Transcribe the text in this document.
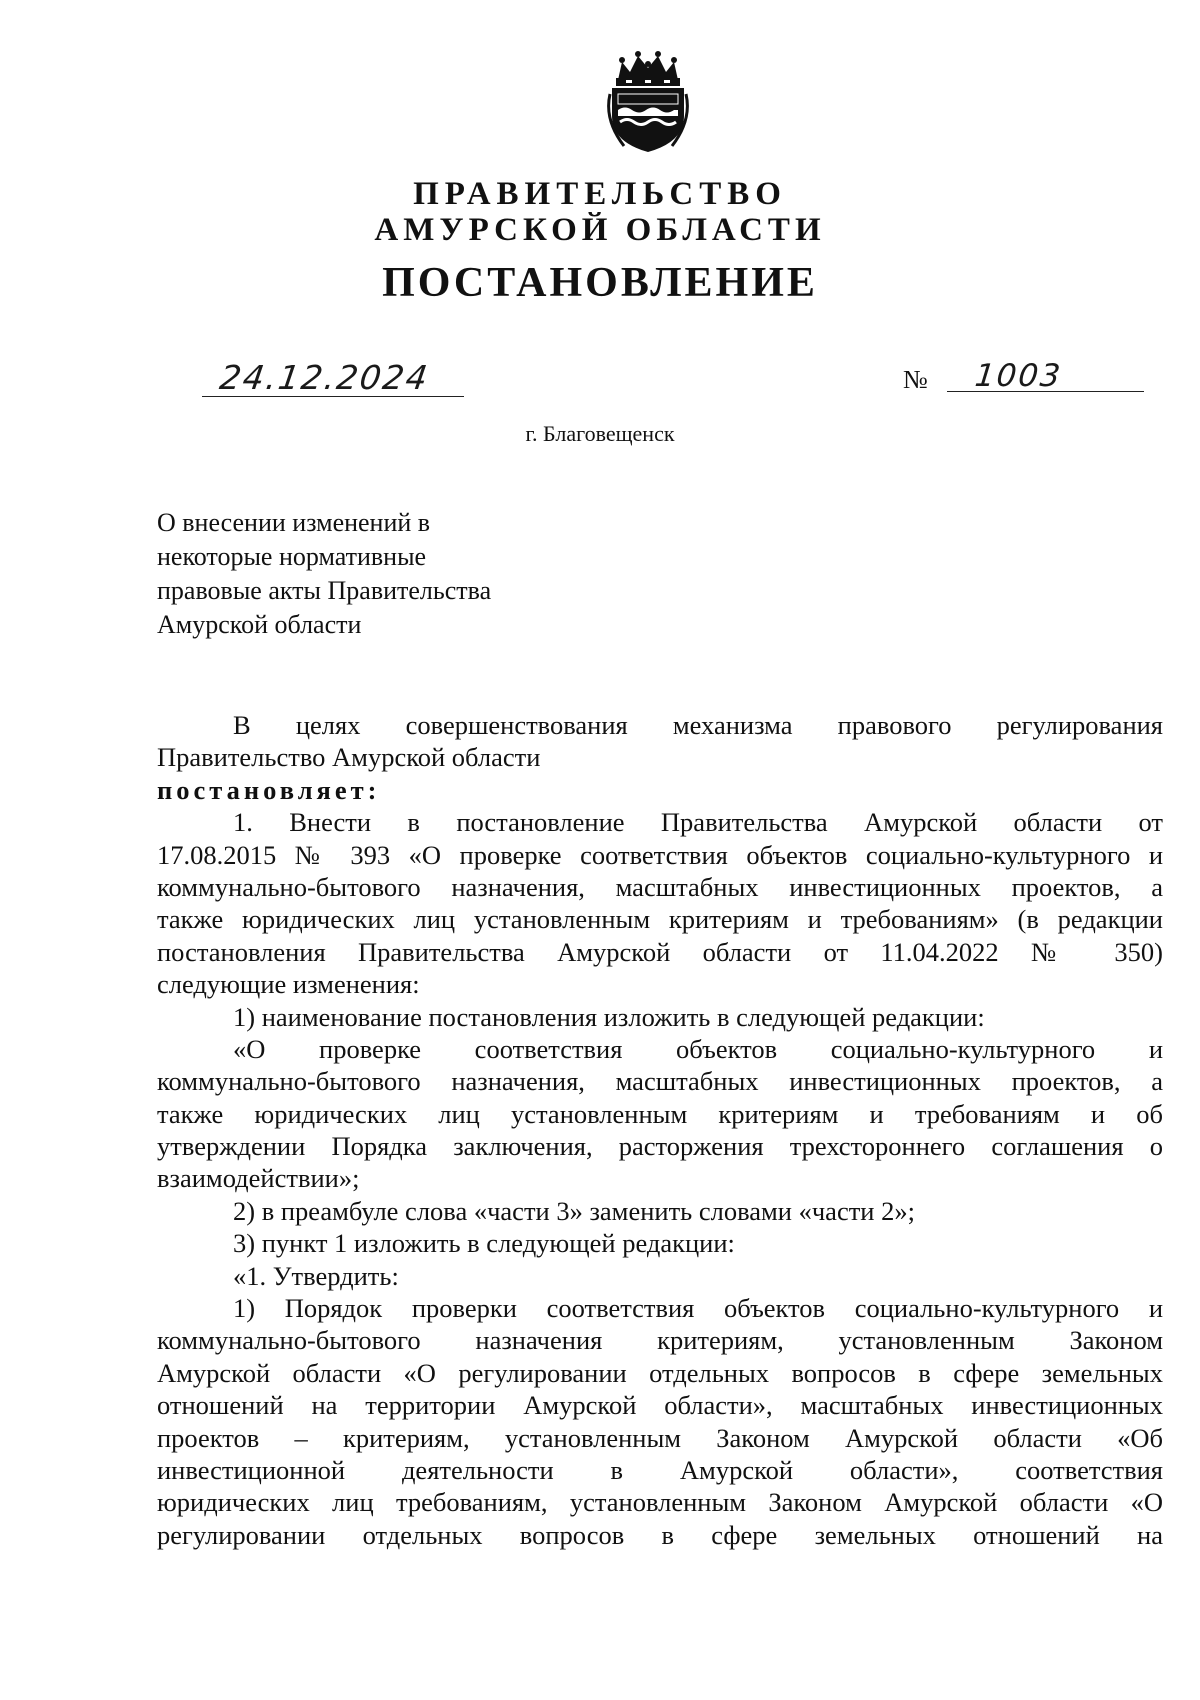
ПРАВИТЕЛЬСТВО
АМУРСКОЙ ОБЛАСТИ
ПОСТАНОВЛЕНИЕ
24.12.2024	№ 1003
г. Благовещенск
О внесении изменений в
некоторые нормативные
правовые акты Правительства
Амурской области
В целях совершенствования механизма правового регулирования
Правительство Амурской области
постановляет:
1. Внести в постановление Правительства Амурской области от
17.08.2015 № 393 «О проверке соответствия объектов социально-культурного и
коммунально-бытового назначения, масштабных инвестиционных проектов, а
также юридических лиц установленным критериям и требованиям» (в редакции
постановления Правительства Амурской области от 11.04.2022 № 350)
следующие изменения:
1) наименование постановления изложить в следующей редакции:
«О проверке соответствия объектов социально-культурного и
коммунально-бытового назначения, масштабных инвестиционных проектов, а
также юридических лиц установленным критериям и требованиям и об
утверждении Порядка заключения, расторжения трехстороннего соглашения о
взаимодействии»;
2) в преамбуле слова «части 3» заменить словами «части 2»;
3) пункт 1 изложить в следующей редакции:
«1. Утвердить:
1) Порядок проверки соответствия объектов социально-культурного и
коммунально-бытового назначения критериям, установленным Законом
Амурской области «О регулировании отдельных вопросов в сфере земельных
отношений на территории Амурской области», масштабных инвестиционных
проектов – критериям, установленным Законом Амурской области «Об
инвестиционной деятельности в Амурской области», соответствия
юридических лиц требованиям, установленным Законом Амурской области «О
регулировании отдельных вопросов в сфере земельных отношений на
